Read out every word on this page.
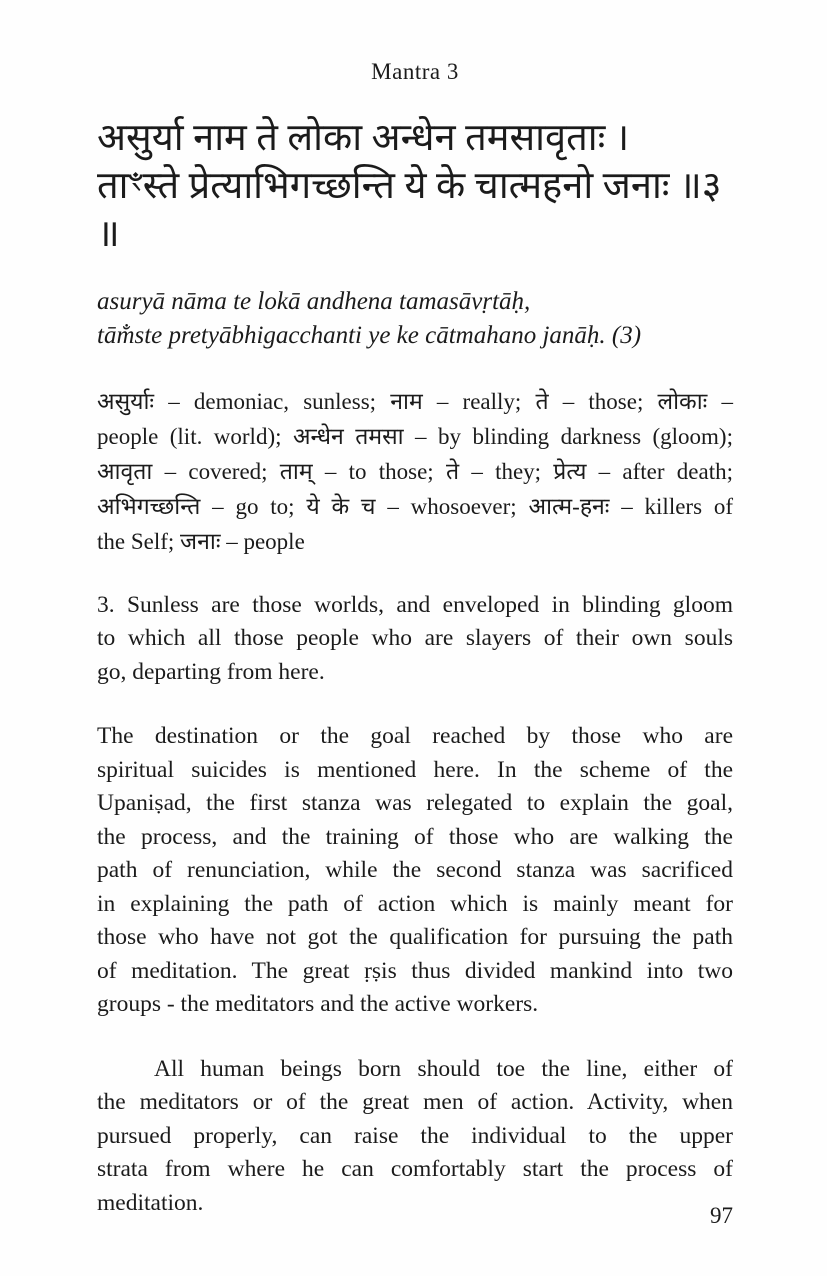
Mantra 3
असुर्या नाम ते लोका अन्धेन तमसावृताः ।
ताꣳस्ते प्रेत्याभिगच्छन्ति ये के चात्महनो जनाः ॥३ ॥
asuryā nāma te lokā andhena tamasāvṛtāḥ,
tām̐ste pretyābhigacchanti ye ke cātmahano janāḥ. (3)
असुर्याः – demoniac, sunless; नाम – really; ते – those; लोकाः –
people (lit. world); अन्धेन तमसा – by blinding darkness (gloom);
आवृता – covered; ताम् – to those; ते – they; प्रेत्य – after death;
अभिगच्छन्ति – go to; ये के च – whosoever; आत्म-हनः – killers of
the Self; जनाः – people
3. Sunless are those worlds, and enveloped in blinding gloom
to which all those people who are slayers of their own souls
go, departing from here.
The destination or the goal reached by those who are
spiritual suicides is mentioned here. In the scheme of the
Upaniṣad, the first stanza was relegated to explain the goal,
the process, and the training of those who are walking the
path of renunciation, while the second stanza was sacrificed
in explaining the path of action which is mainly meant for
those who have not got the qualification for pursuing the path
of meditation. The great ṛṣis thus divided mankind into two
groups - the meditators and the active workers.
All human beings born should toe the line, either of
the meditators or of the great men of action. Activity, when
pursued properly, can raise the individual to the upper
strata from where he can comfortably start the process of
meditation.	97
